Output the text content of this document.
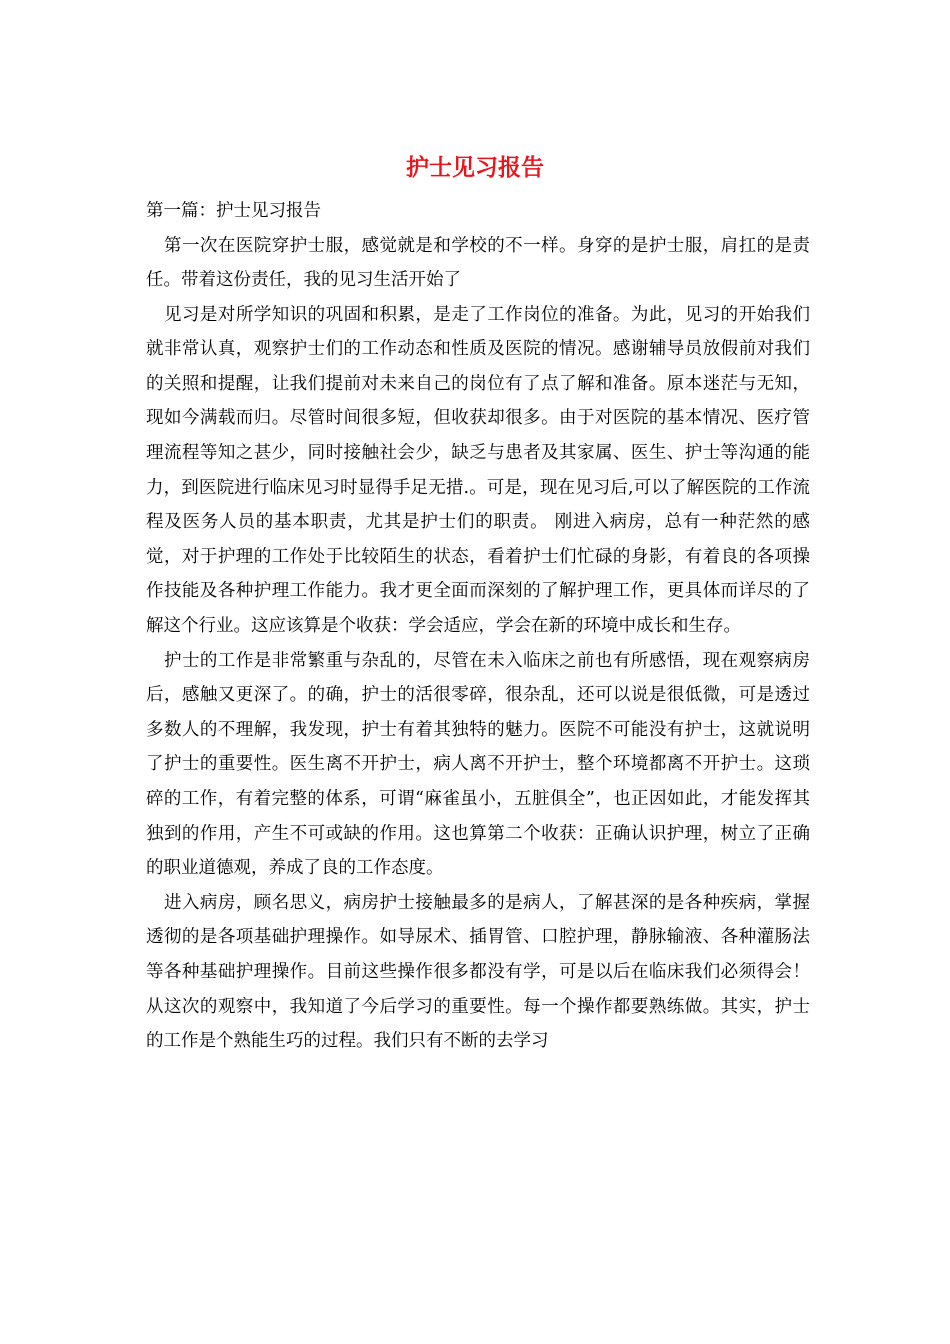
护士见习报告

第一篇：护士见习报告

第一次在医院穿护士服，感觉就是和学校的不一样。身穿的是护士服，肩扛的是责任。带着这份责任，我的见习生活开始了

见习是对所学知识的巩固和积累，是走了工作岗位的准备。为此，见习的开始我们就非常认真，观察护士们的工作动态和性质及医院的情况。感谢辅导员放假前对我们的关照和提醒，让我们提前对未来自己的岗位有了点了解和准备。原本迷茫与无知，现如今满载而归。尽管时间很多短，但收获却很多。由于对医院的基本情况、医疗管理流程等知之甚少，同时接触社会少，缺乏与患者及其家属、医生、护士等沟通的能力，到医院进行临床见习时显得手足无措.。可是，现在见习后,可以了解医院的工作流程及医务人员的基本职责，尤其是护士们的职责。 刚进入病房，总有一种茫然的感觉，对于护理的工作处于比较陌生的状态，看着护士们忙碌的身影，有着良的各项操作技能及各种护理工作能力。我才更全面而深刻的了解护理工作，更具体而详尽的了解这个行业。这应该算是个收获：学会适应，学会在新的环境中成长和生存。

护士的工作是非常繁重与杂乱的，尽管在未入临床之前也有所感悟，现在观察病房后，感触又更深了。的确，护士的活很零碎，很杂乱，还可以说是很低微，可是透过多数人的不理解，我发现，护士有着其独特的魅力。医院不可能没有护士，这就说明了护士的重要性。医生离不开护士，病人离不开护士，整个环境都离不开护士。这琐碎的工作，有着完整的体系，可谓“麻雀虽小，五脏俱全”，也正因如此，才能发挥其独到的作用，产生不可或缺的作用。这也算第二个收获：正确认识护理，树立了正确的职业道德观，养成了良的工作态度。

进入病房，顾名思义，病房护士接触最多的是病人，了解甚深的是各种疾病，掌握透彻的是各项基础护理操作。如导尿术、插胃管、口腔护理，静脉输液、各种灌肠法等各种基础护理操作。目前这些操作很多都没有学，可是以后在临床我们必须得会！从这次的观察中，我知道了今后学习的重要性。每一个操作都要熟练做。其实，护士的工作是个熟能生巧的过程。我们只有不断的去学习
